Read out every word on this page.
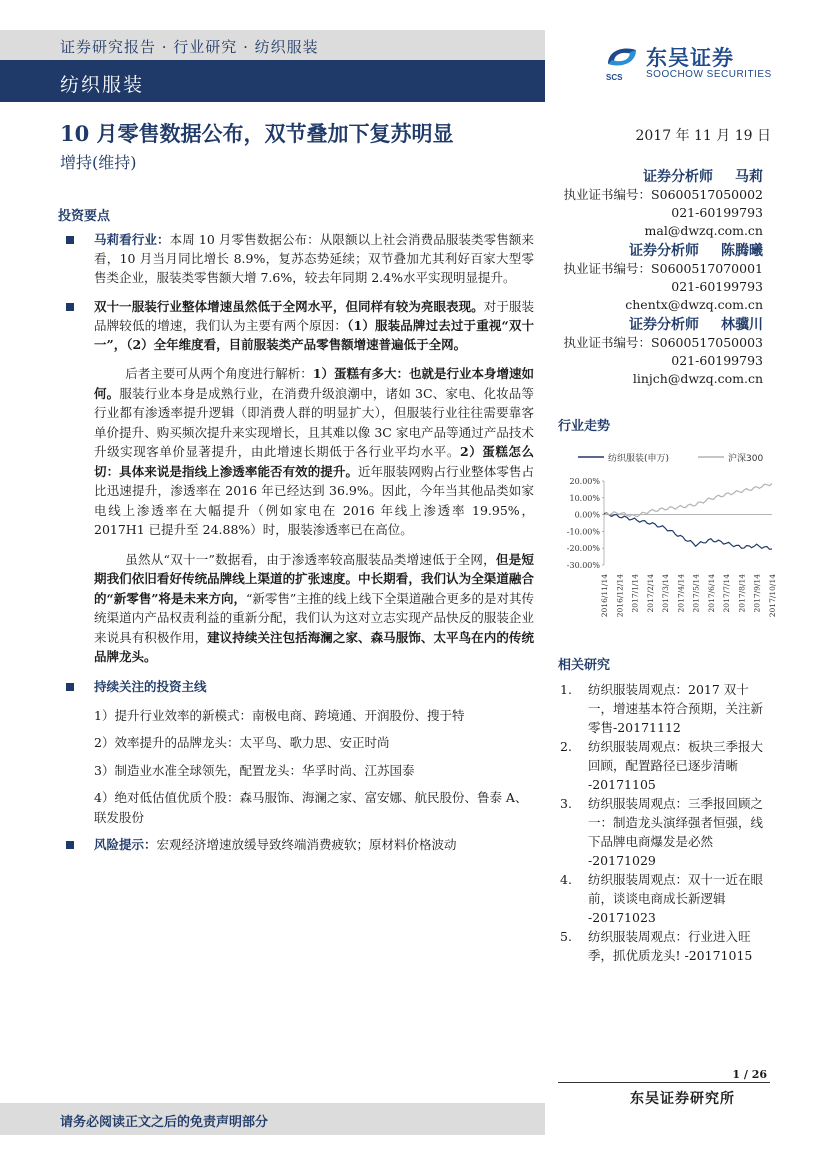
证券研究报告 · 行业研究 · 纺织服装
纺织服装	SCS
东吴证券
SOOCHOW SECURITIES
10 月零售数据公布，双节叠加下复苏明显
增持(维持)
2017 年 11 月 19 日
证券分析师 马莉
执业证书编号：S0600517050002
021-60199793
mal@dwzq.com.cn
证券分析师 陈腾曦
执业证书编号：S0600517070001
021-60199793
chentx@dwzq.com.cn
证券分析师 林骥川
执业证书编号：S0600517050003
021-60199793
linjch@dwzq.com.cn
投资要点
马莉看行业：本周 10 月零售数据公布：从限额以上社会消费品服装类零售额来看，10 月当月同比增长 8.9%，复苏态势延续；双节叠加尤其利好百家大型零售类企业，服装类零售额大增 7.6%，较去年同期 2.4%水平实现明显提升。
双十一服装行业整体增速虽然低于全网水平，但同样有较为亮眼表现。对于服装品牌较低的增速，我们认为主要有两个原因：（1）服装品牌过去过于重视“双十一”，（2）全年维度看，目前服装类产品零售额增速普遍低于全网。
后者主要可从两个角度进行解析：1）蛋糕有多大：也就是行业本身增速如何。服装行业本身是成熟行业，在消费升级浪潮中，诸如 3C、家电、化妆品等行业都有渗透率提升逻辑（即消费人群的明显扩大），但服装行业往往需要靠客单价提升、购买频次提升来实现增长，且其难以像 3C 家电产品等通过产品技术升级实现客单价显著提升，由此增速长期低于各行业平均水平。2）蛋糕怎么切：具体来说是指线上渗透率能否有效的提升。近年服装网购占行业整体零售占比迅速提升，渗透率在 2016 年已经达到 36.9%。因此，今年当其他品类如家电线上渗透率在大幅提升（例如家电在 2016 年线上渗透率 19.95%，2017H1 已提升至 24.88%）时，服装渗透率已在高位。
虽然从“双十一”数据看，由于渗透率较高服装品类增速低于全网，但是短期我们依旧看好传统品牌线上渠道的扩张速度。中长期看，我们认为全渠道融合的“新零售”将是未来方向，“新零售”主推的线上线下全渠道融合更多的是对其传统渠道内产品权责利益的重新分配，我们认为这对立志实现产品快反的服装企业来说具有积极作用，建议持续关注包括海澜之家、森马服饰、太平鸟在内的传统品牌龙头。
持续关注的投资主线
1）提升行业效率的新模式：南极电商、跨境通、开润股份、搜于特
2）效率提升的品牌龙头：太平鸟、歌力思、安正时尚
3）制造业水准全球领先，配置龙头：华孚时尚、江苏国泰
4）绝对低估值优质个股：森马服饰、海澜之家、富安娜、航民股份、鲁泰 A、联发股份
风险提示：宏观经济增速放缓导致终端消费疲软；原材料价格波动
行业走势
纺织服装(申万)	沪深300
20.00%
10.00%
0.00%
-10.00%
-20.00%
-30.00%
2016/11/14 2016/12/14 2017/1/14 2017/2/14 2017/3/14 2017/4/14 2017/5/14 2017/6/14 2017/7/14 2017/8/14 2017/9/14 2017/10/14
相关研究
1. 纺织服装周观点：2017 双十一，增速基本符合预期，关注新零售-20171112
2. 纺织服装周观点：板块三季报大回顾，配置路径已逐步清晰 -20171105
3. 纺织服装周观点：三季报回顾之一：制造龙头演绎强者恒强，线下品牌电商爆发是必然 -20171029
4. 纺织服装周观点：双十一近在眼前，谈谈电商成长新逻辑 -20171023
5. 纺织服装周观点：行业进入旺季，抓优质龙头! -20171015
1 / 26
东吴证券研究所
请务必阅读正文之后的免责声明部分
